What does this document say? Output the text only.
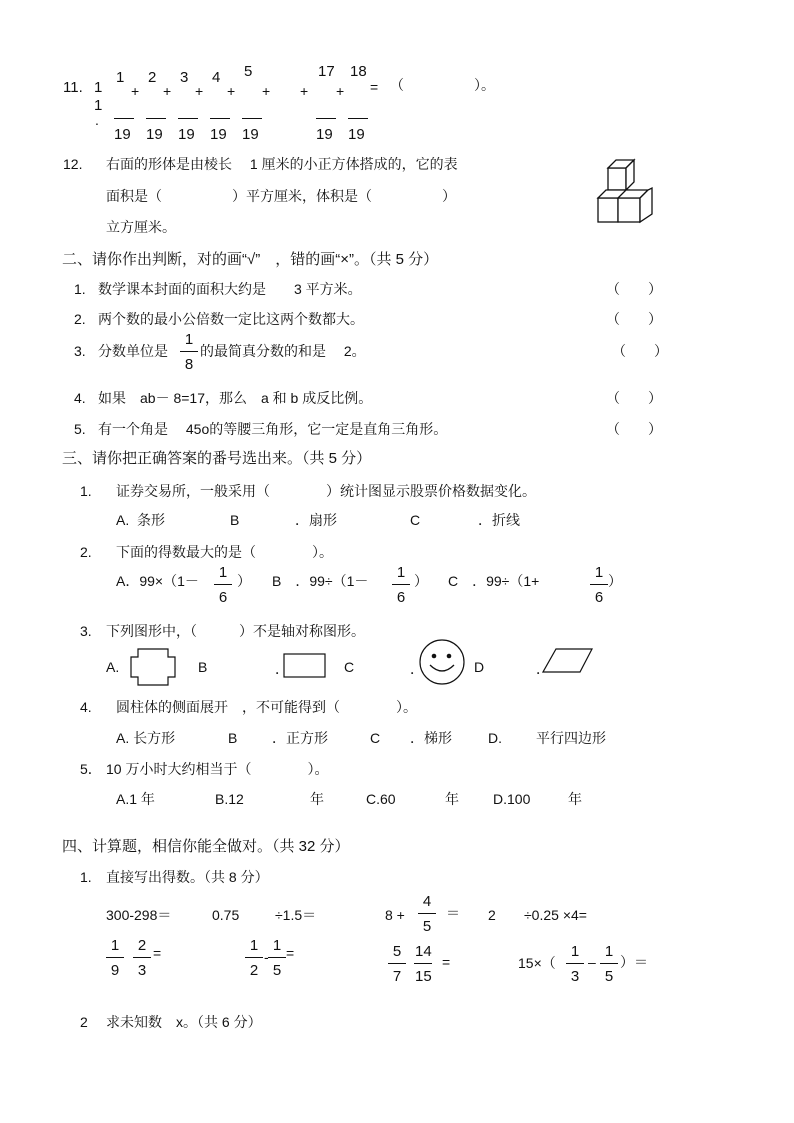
11. 1
1
.
1
19
2
19
3
19
4
19
5
19
17
19
18
19
+ + + + + + + = （　　　　　）。
12. 右面的形体是由棱长　 1 厘米的小正方体搭成的，它的表
面积是（　　　　　）平方厘米，体积是（　　　　　）
立方厘米。
二、请你作出判断，对的画“√”　，错的画“×”。（共 5 分）
1. 数学课本封面的面积大约是　　3 平方米。	（　　）
2. 两个数的最小公倍数一定比这两个数都大。	（　　）
3. 分数单位是 $\frac{1}{8}$ 的最简真分数的和是　 2。	（　　）
4. 如果　ab－ 8=17，那么　a 和 b 成反比例。	（　　）
5. 有一个角是　 45o的等腰三角形，它一定是直角三角形。	（　　）
三、请你把正确答案的番号选出来。（共 5 分）
1. 证券交易所，一般采用（　　　　）统计图显示股票价格数据变化。
A.  条形	B	．扇形	C	．折线
2. 下面的得数最大的是（　　　　）。
A．$99\times(1- \frac{1}{6}$ ） B　．$99\div(1- \frac{1}{6}$ ） C　．99÷（1+	$\frac{1}{6}$ ）
3. 下列图形中，（　　　）不是轴对称图形。
A.	B	．	C	．	D	．
4. 圆柱体的侧面展开　，不可能得到（　　　　）。
A. 长方形	B ．正方形	C ．梯形	D. 平行四边形
5． 10 万小时大约相当于（　　　　）。
A.1 年	B.12	年	C.60	年 D.100	年
四、计算题，相信你能全做对。（共 32 分）
1. 直接写出得数。（共 8 分）
300-298＝	0.75	÷1.5＝	$8 + \frac{4}{5} = 2 \div 0.25 \times 4=$
$\frac{1}{9} \frac{2}{3}$ =	$\frac{1}{2} - \frac{1}{5}$ =	$\frac{5}{7} \frac{14}{15}$ =	$15\times( \frac{1}{3} - \frac{1}{5}$ ）＝
2 求未知数　x。（共 6 分）
